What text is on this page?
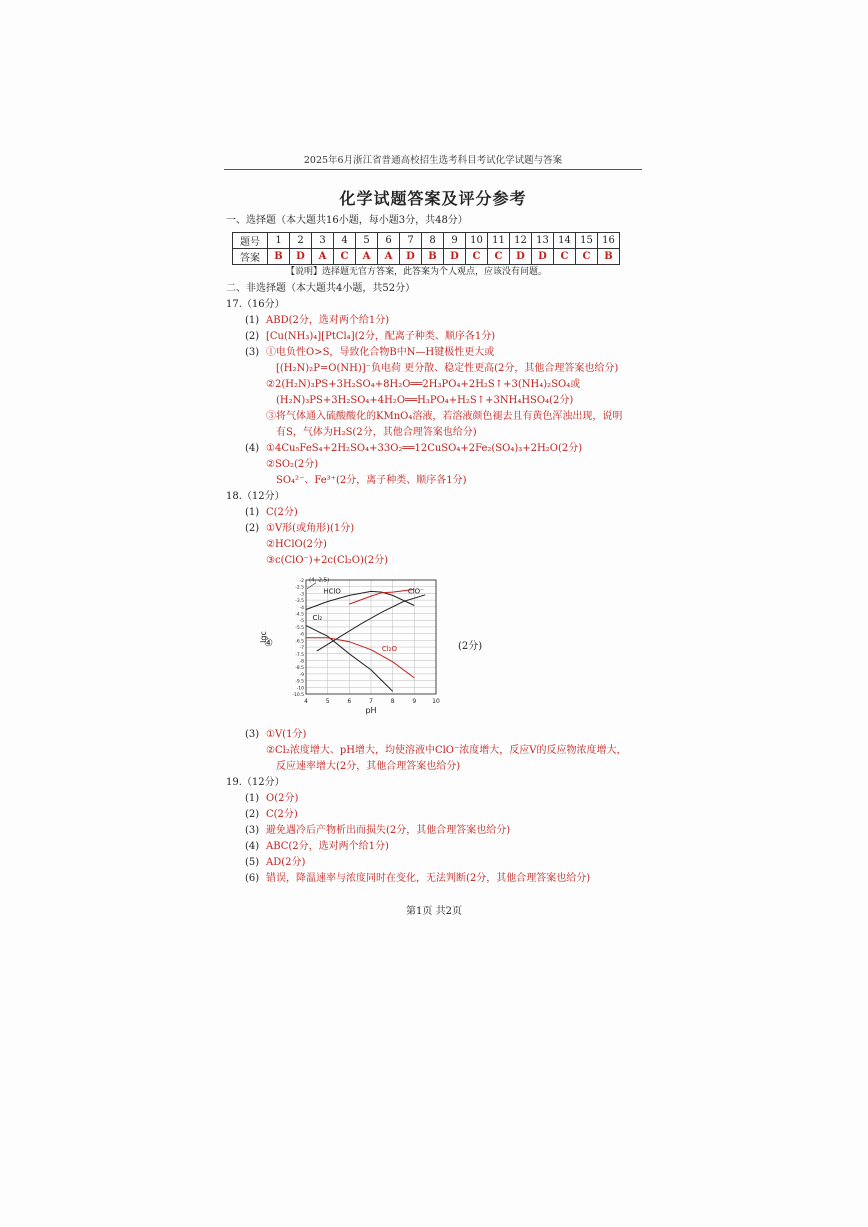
2025年6月浙江省普通高校招生选考科目考试化学试题与答案
化学试题答案及评分参考
一、选择题（本大题共16小题，每小题3分，共48分）
题号	1	2	3	4	5	6	7	8	9	10	11	12	13	14	15	16
答案	B	D	A	C	A	A	D	B	D	C	C	D	D	C	C	B
【说明】选择题无官方答案，此答案为个人观点，应该没有问题。
二、非选择题（本大题共4小题，共52分）
17.（16分）
(1) ABD(2分，选对两个给1分)
(2) [Cu(NH₃)₄][PtCl₄](2分，配离子种类、顺序各1分)
(3) ①电负性O>S，导致化合物B中N—H键极性更大或
[(H₂N)₂P=O(NH)]⁻负电荷 更分散、稳定性更高(2分，其他合理答案也给分)
②2(H₂N)₃PS+3H₂SO₄+8H₂O══2H₃PO₄+2H₂S↑+3(NH₄)₂SO₄或
(H₂N)₃PS+3H₂SO₄+4H₂O══H₃PO₄+H₂S↑+3NH₄HSO₄(2分)
③将气体通入硫酸酸化的KMnO₄溶液，若溶液颜色褪去且有黄色浑浊出现，说明
有S，气体为H₂S(2分，其他合理答案也给分)
(4) ①4Cu₅FeS₄+2H₂SO₄+33O₂══12CuSO₄+2Fe₂(SO₄)₃+2H₂O(2分)
②SO₂(2分)
SO₄²⁻、Fe³⁺(2分，离子种类、顺序各1分)
18.（12分）
(1) C(2分)
(2) ①V形(或角形)(1分)
②HClO(2分)
③c(ClO⁻)+2c(Cl₂O)(2分)
④	(2分)
4	5	6	7	8	9	10
-2
-2.5
-3
-3.5
-4
-4.5
-5
-5.5
-6
-6.5
-7
-7.5
-8
-8.5
-9
-9.5
-10
-10.5
pH
lgc
(4,-2.5)
HClO	ClO⁻
Cl₂
Cl₂O
(3) ①V(1分)
②Cl₂浓度增大、pH增大，均使溶液中ClO⁻浓度增大，反应V的反应物浓度增大，
反应速率增大(2分，其他合理答案也给分)
19.（12分）
(1) O(2分)
(2) C(2分)
(3) 避免遇冷后产物析出而损失(2分，其他合理答案也给分)
(4) ABC(2分，选对两个给1分)
(5) AD(2分)
(6) 错误，降温速率与浓度同时在变化，无法判断(2分，其他合理答案也给分)
第1页 共2页
